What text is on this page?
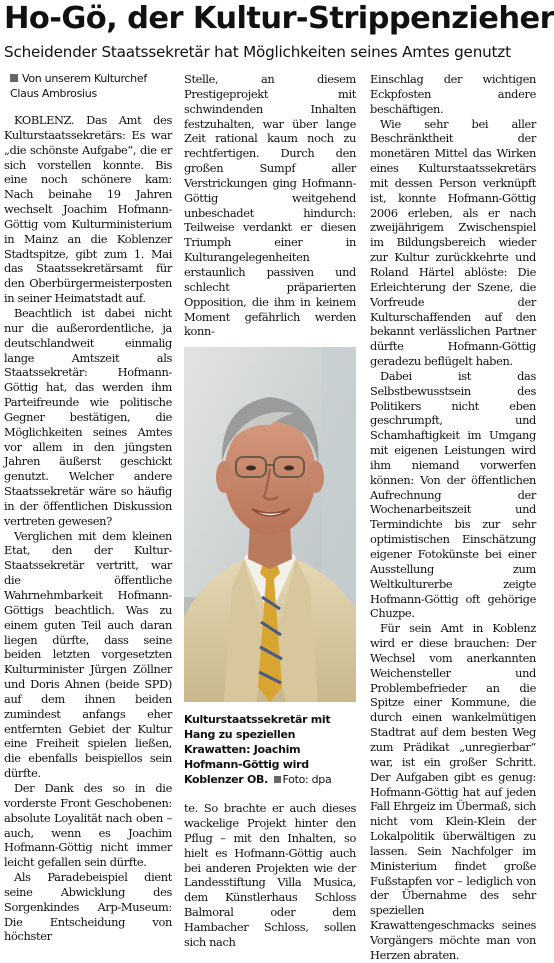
Ho-Gö, der Kultur-Strippenzieher
Scheidender Staatssekretär hat Möglichkeiten seines Amtes genutzt
Von unserem Kulturchef
Claus Ambrosius

KOBLENZ. Das Amt des Kulturstaatssekretärs: Es war „die schönste Aufgabe“, die er sich vorstellen konnte. Bis eine noch schönere kam: Nach beinahe 19 Jahren wechselt Joachim Hofmann-Göttig vom Kulturministerium in Mainz an die Koblenzer Stadtspitze, gibt zum 1. Mai das Staatssekretärsamt für den Oberbürgermeisterposten in seiner Heimatstadt auf.

Beachtlich ist dabei nicht nur die außerordentliche, ja deutschlandweit einmalig lange Amtszeit als Staatssekretär: Hofmann-Göttig hat, das werden ihm Parteifreunde wie politische Gegner bestätigen, die Möglichkeiten seines Amtes vor allem in den jüngsten Jahren äußerst geschickt genutzt. Welcher andere Staatssekretär wäre so häufig in der öffentlichen Diskussion vertreten gewesen?

Verglichen mit dem kleinen Etat, den der Kultur-Staatssekretär vertritt, war die öffentliche Wahrnehmbarkeit Hofmann-Göttigs beachtlich. Was zu einem guten Teil auch daran liegen dürfte, dass seine beiden letzten vorgesetzten Kulturminister Jürgen Zöllner und Doris Ahnen (beide SPD) auf dem ihnen beiden zumindest anfangs eher entfernten Gebiet der Kultur eine Freiheit spielen ließen, die ebenfalls beispiellos sein dürfte.

Der Dank des so in die vorderste Front Geschobenen: absolute Loyalität nach oben – auch, wenn es Joachim Hofmann-Göttig nicht immer leicht gefallen sein dürfte.

Als Paradebeispiel dient seine Abwicklung des Sorgenkindes Arp-Museum: Die Entscheidung von höchster

Stelle, an diesem Prestigeprojekt mit schwindenden Inhalten festzuhalten, war über lange Zeit rational kaum noch zu rechtfertigen. Durch den großen Sumpf aller Verstrickungen ging Hofmann-Göttig weitgehend unbeschadet hindurch: Teilweise verdankt er diesen Triumph einer in Kulturangelegenheiten erstaunlich passiven und schlecht präparierten Opposition, die ihm in keinem Moment gefährlich werden konn-

Kulturstaatssekretär mit Hang zu speziellen Krawatten: Joachim Hofmann-Göttig wird Koblenzer OB. Foto: dpa

te. So brachte er auch dieses wackelige Projekt hinter den Pflug – mit den Inhalten, so hielt es Hofmann-Göttig auch bei anderen Projekten wie der Landesstiftung Villa Musica, dem Künstlerhaus Schloss Balmoral oder dem Hambacher Schloss, sollen sich nach

Einschlag der wichtigen Eckpfosten andere beschäftigen.

Wie sehr bei aller Beschränktheit der monetären Mittel das Wirken eines Kulturstaatssekretärs mit dessen Person verknüpft ist, konnte Hofmann-Göttig 2006 erleben, als er nach zweijährigem Zwischenspiel im Bildungsbereich wieder zur Kultur zurückkehrte und Roland Härtel ablöste: Die Erleichterung der Szene, die Vorfreude der Kulturschaffenden auf den bekannt verlässlichen Partner dürfte Hofmann-Göttig geradezu beflügelt haben.

Dabei ist das Selbstbewusstsein des Politikers nicht eben geschrumpft, und Schamhaftigkeit im Umgang mit eigenen Leistungen wird ihm niemand vorwerfen können: Von der öffentlichen Aufrechnung der Wochenarbeitszeit und Termindichte bis zur sehr optimistischen Einschätzung eigener Fotokünste bei einer Ausstellung zum Weltkulturerbe zeigte Hofmann-Göttig oft gehörige Chuzpe.

Für sein Amt in Koblenz wird er diese brauchen: Der Wechsel vom anerkannten Weichensteller und Problembefrieder an die Spitze einer Kommune, die durch einen wankelmütigen Stadtrat auf dem besten Weg zum Prädikat „unregierbar“ war, ist ein großer Schritt. Der Aufgaben gibt es genug: Hofmann-Göttig hat auf jeden Fall Ehrgeiz im Übermaß, sich nicht vom Klein-Klein der Lokalpolitik überwältigen zu lassen. Sein Nachfolger im Ministerium findet große Fußstapfen vor – lediglich von der Übernahme des sehr speziellen Krawattengeschmacks seines Vorgängers möchte man von Herzen abraten.
